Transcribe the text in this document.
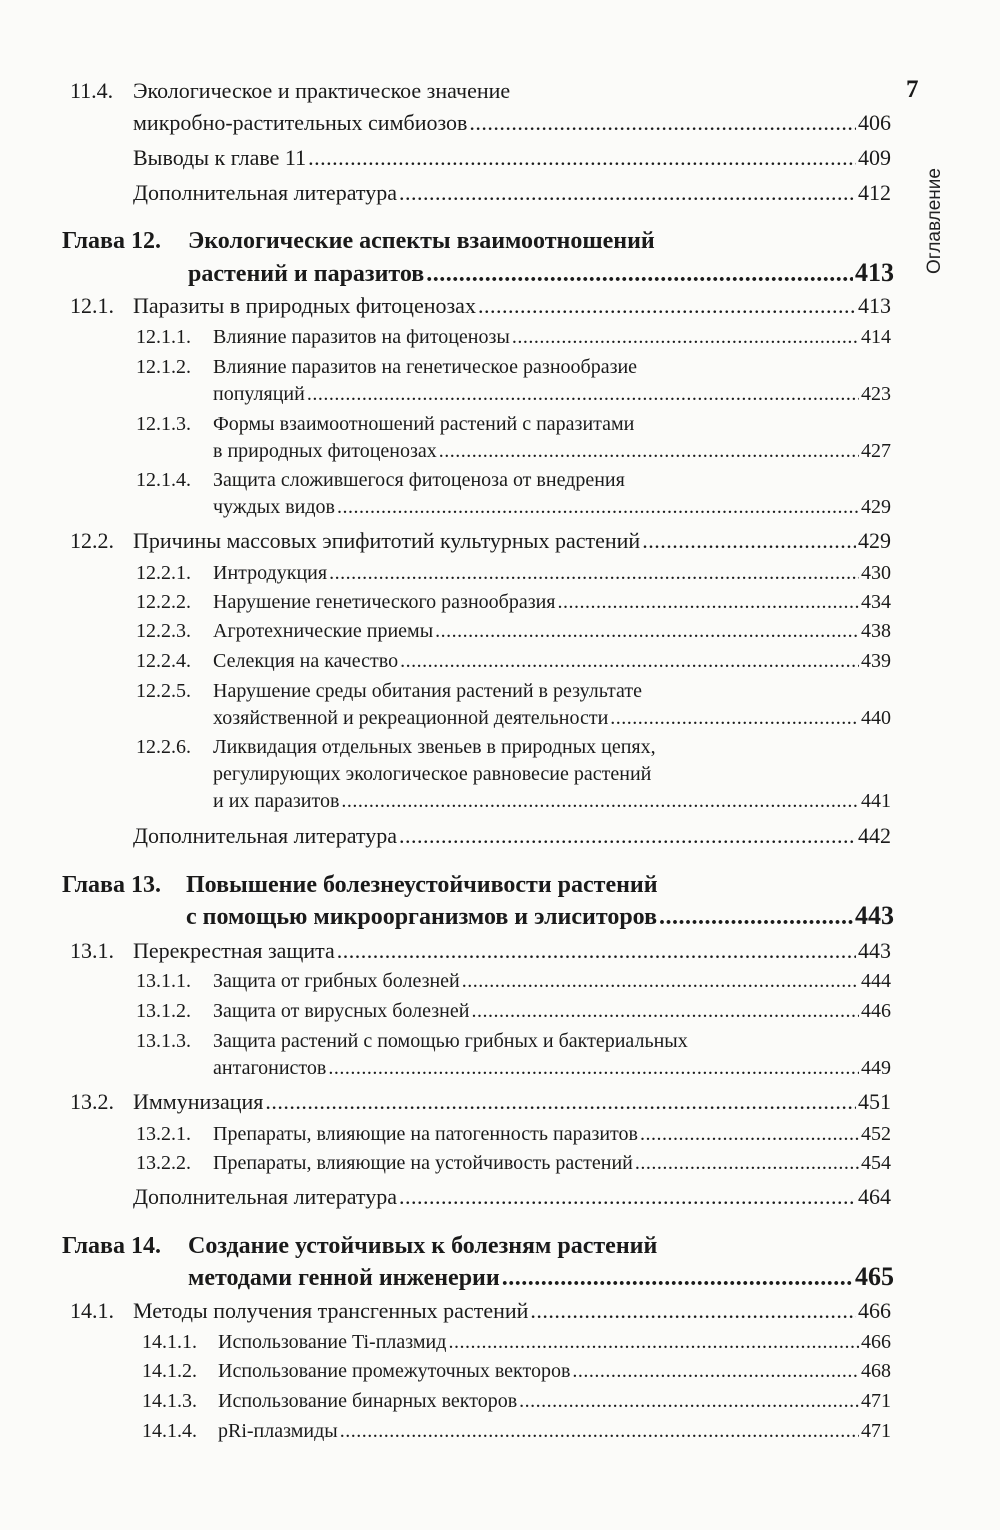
7
Оглавление
11.4. Экологическое и практическое значение
микробно-растительных симбиозов .....	406
Выводы к главе 11 .....	409
Дополнительная литература .....	412
Глава 12. Экологические аспекты взаимоотношений
растений и паразитов .....	413
12.1. Паразиты в природных фитоценозах .....	413
12.1.1. Влияние паразитов на фитоценозы .....	414
12.1.2. Влияние паразитов на генетическое разнообразие
популяций .....	423
12.1.3. Формы взаимоотношений растений с паразитами
в природных фитоценозах .....	427
12.1.4. Защита сложившегося фитоценоза от внедрения
чуждых видов .....	429
12.2. Причины массовых эпифитотий культурных растений .....	429
12.2.1. Интродукция .....	430
12.2.2. Нарушение генетического разнообразия .....	434
12.2.3. Агротехнические приемы .....	438
12.2.4. Селекция на качество .....	439
12.2.5. Нарушение среды обитания растений в результате
хозяйственной и рекреационной деятельности .....	440
12.2.6. Ликвидация отдельных звеньев в природных цепях,
регулирующих экологическое равновесие растений
и их паразитов .....	441
Дополнительная литература .....	442
Глава 13. Повышение болезнеустойчивости растений
с помощью микроорганизмов и элиситоров .....	443
13.1. Перекрестная защита .....	443
13.1.1. Защита от грибных болезней .....	444
13.1.2. Защита от вирусных болезней .....	446
13.1.3. Защита растений с помощью грибных и бактериальных
антагонистов .....	449
13.2. Иммунизация .....	451
13.2.1. Препараты, влияющие на патогенность паразитов .....	452
13.2.2. Препараты, влияющие на устойчивость растений .....	454
Дополнительная литература .....	464
Глава 14. Создание устойчивых к болезням растений
методами генной инженерии .....	465
14.1. Методы получения трансгенных растений .....	466
14.1.1. Использование Ti-плазмид .....	466
14.1.2. Использование промежуточных векторов .....	468
14.1.3. Использование бинарных векторов .....	471
14.1.4. pRi-плазмиды .....	471
